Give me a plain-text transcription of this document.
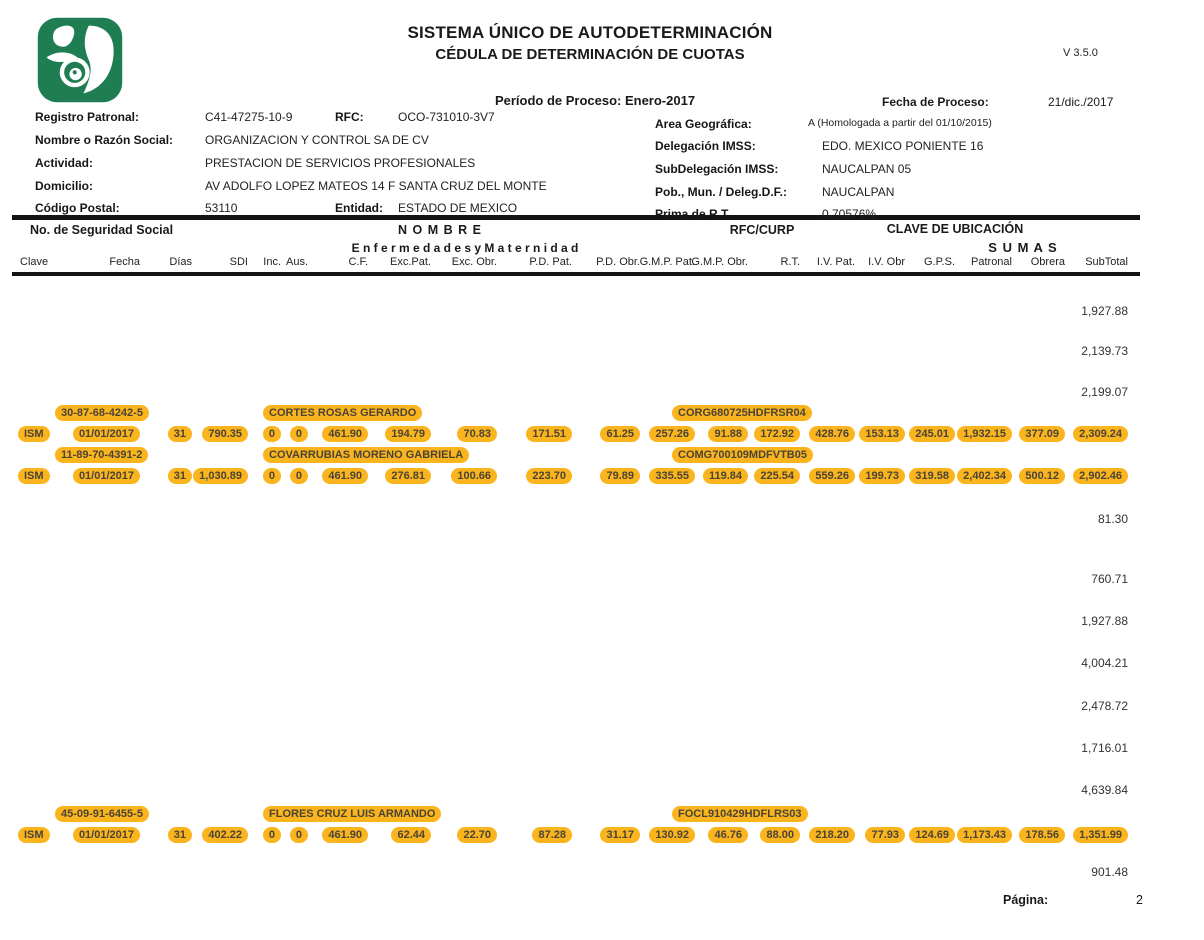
SISTEMA ÚNICO DE AUTODETERMINACIÓN
CÉDULA DE DETERMINACIÓN DE CUOTAS	V 3.5.0
Período de Proceso: Enero-2017	Fecha de Proceso:	21/dic./2017
No. de Seguridad Social	N O M B R E	RFC/CURP	CLAVE DE UBICACIÓN
E n f e r m e d a d e s y M a t e r n i d a d	S U M A S
Página:	2
Registro Patronal:	C41-47275-10-9	RFC:	OCO-731010-3V7
Nombre o Razón Social:	ORGANIZACION Y CONTROL SA DE CV
Actividad:	PRESTACION DE SERVICIOS PROFESIONALES
Domicilio:	AV ADOLFO LOPEZ MATEOS 14 F SANTA CRUZ DEL MONTE
Código Postal:	53110	Entidad: ESTADO DE MEXICO
Area Geográfica:	A (Homologada a partir del 01/10/2015)
Delegación IMSS:	EDO. MEXICO PONIENTE 16
SubDelegación IMSS:	NAUCALPAN 05
Pob., Mun. / Deleg.D.F.:	NAUCALPAN
Prima de R.T.	0.70576%
Clave	Fecha	Días	SDI Inc. Aus.	C.F. Exc.Pat. Exc. Obr.	P.D. Pat. P.D. Obr. G.M.P. Pat.
G.M.P. Obr.	R.T. I.V. Pat. I.V. Obr G.P.S. Patronal Obrera SubTotal
1,927.88
2,139.73
2,199.07
30-87-68-4242-5	CORTES ROSAS GERARDO	CORG680725HDFRSR04
ISM	01/01/2017	31	790.35	0	0	461.90	194.79	70.83	171.51	61.25	257.26	91.88	172.92	428.76	153.13	245.01	1,932.15	377.09	2,309.24
11-89-70-4391-2	COVARRUBIAS MORENO GABRIELA	COMG700109MDFVTB05
ISM	01/01/2017	31	1,030.89	0	0	461.90	276.81	100.66	223.70	79.89	335.55	119.84	225.54	559.26	199.73	319.58	2,402.34	500.12	2,902.46
81.30
760.71
1,927.88
4,004.21
2,478.72
1,716.01
4,639.84
45-09-91-6455-5	FLORES CRUZ LUIS ARMANDO	FOCL910429HDFLRS03
ISM	01/01/2017	31	402.22	0	0	461.90	62.44	22.70	87.28	31.17	130.92	46.76	88.00	218.20	77.93	124.69	1,173.43	178.56	1,351.99
901.48
